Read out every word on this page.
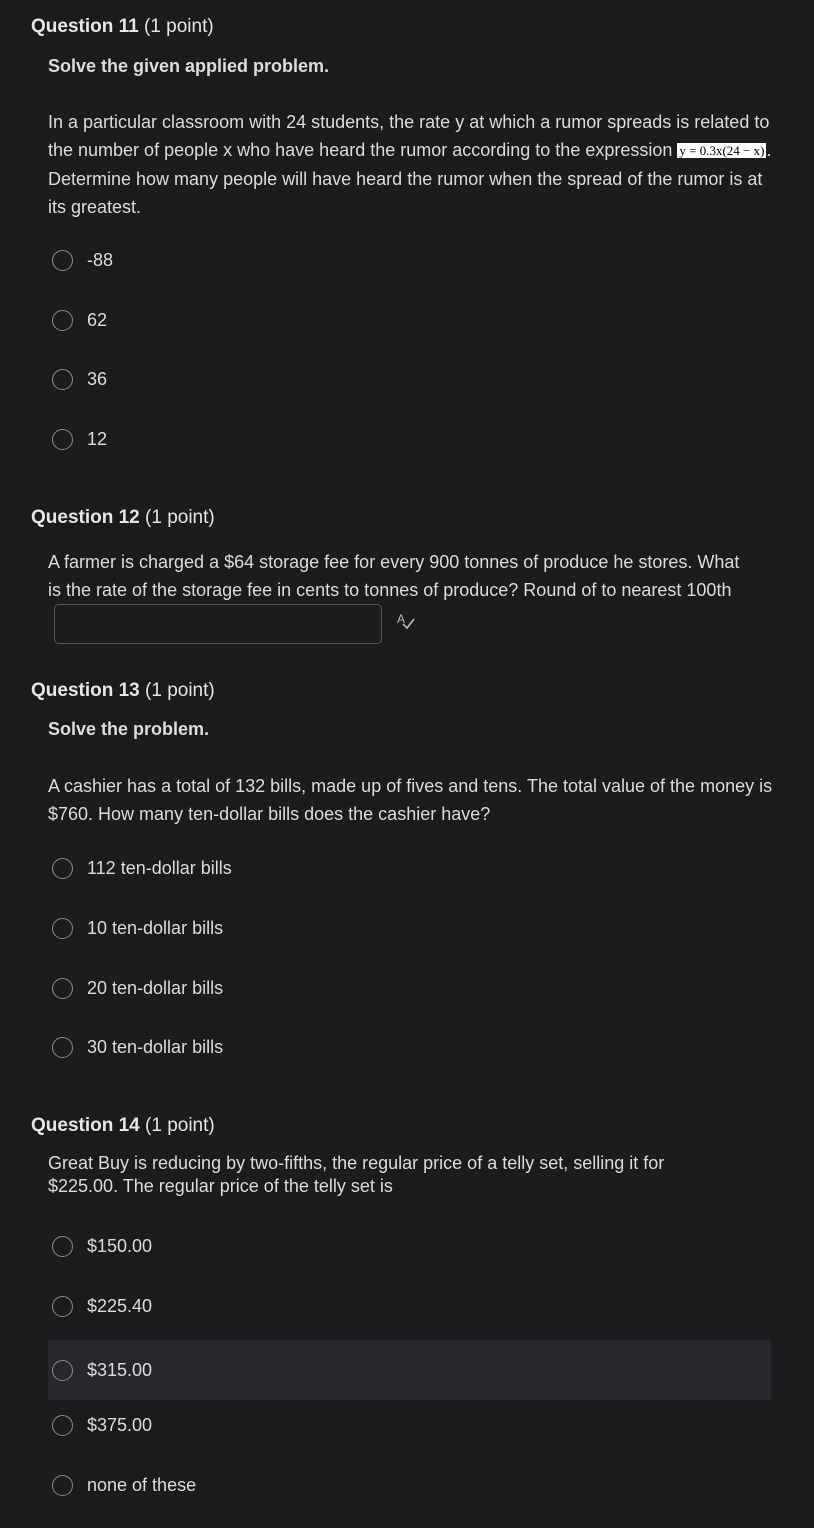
Question 11 (1 point)
Solve the given applied problem.
In a particular classroom with 24 students, the rate y at which a rumor spreads is related to the number of people x who have heard the rumor according to the expression y = 0.3x(24 − x) . Determine how many people will have heard the rumor when the spread of the rumor is at its greatest.
-88
62
36
12
Question 12 (1 point)
A farmer is charged a $64 storage fee for every 900 tonnes of produce he stores. What is the rate of the storage fee in cents to tonnes of produce? Round of to nearest 100th
A
Question 13 (1 point)
Solve the problem.
A cashier has a total of 132 bills, made up of fives and tens. The total value of the money is $760. How many ten-dollar bills does the cashier have?
112 ten-dollar bills
10 ten-dollar bills
20 ten-dollar bills
30 ten-dollar bills
Question 14 (1 point)
Great Buy is reducing by two-fifths, the regular price of a telly set, selling it for $225.00. The regular price of the telly set is
$150.00
$225.40
$315.00
$375.00
none of these
